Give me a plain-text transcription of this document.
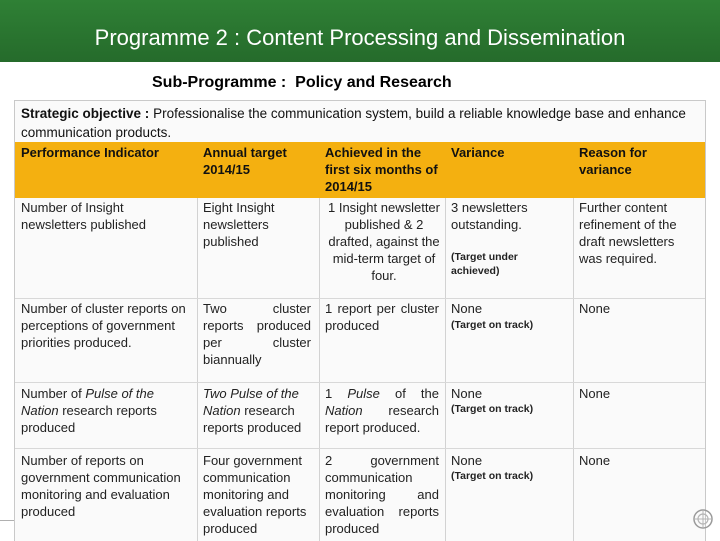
Programme 2 : Content Processing and Dissemination
Sub-Programme : Policy and Research
Strategic objective : Professionalise the communication system, build a reliable knowledge base and enhance communication products.
Performance Indicator	Annual target 2014/15
Achieved in the first six months of 2014/15
Variance	Reason for variance
Number of Insight newsletters published
Eight Insight newsletters published
1 Insight newsletter published & 2 drafted, against the mid-term target of four.
3 newsletters outstanding.
(Target under achieved)
Further content refinement of the draft newsletters was required.
Number of cluster reports on perceptions of government priorities produced.
Two cluster reports produced per cluster biannually
1 report per cluster produced
None
(Target on track)
None
Number of Pulse of the Nation research reports produced
Two Pulse of the Nation research reports produced
1 Pulse of the Nation research report produced.
None
(Target on track)
None
Number of reports on government communication monitoring and evaluation produced
Four government communication monitoring and evaluation reports produced
2 government communication monitoring and evaluation reports produced
None
(Target on track)
None
